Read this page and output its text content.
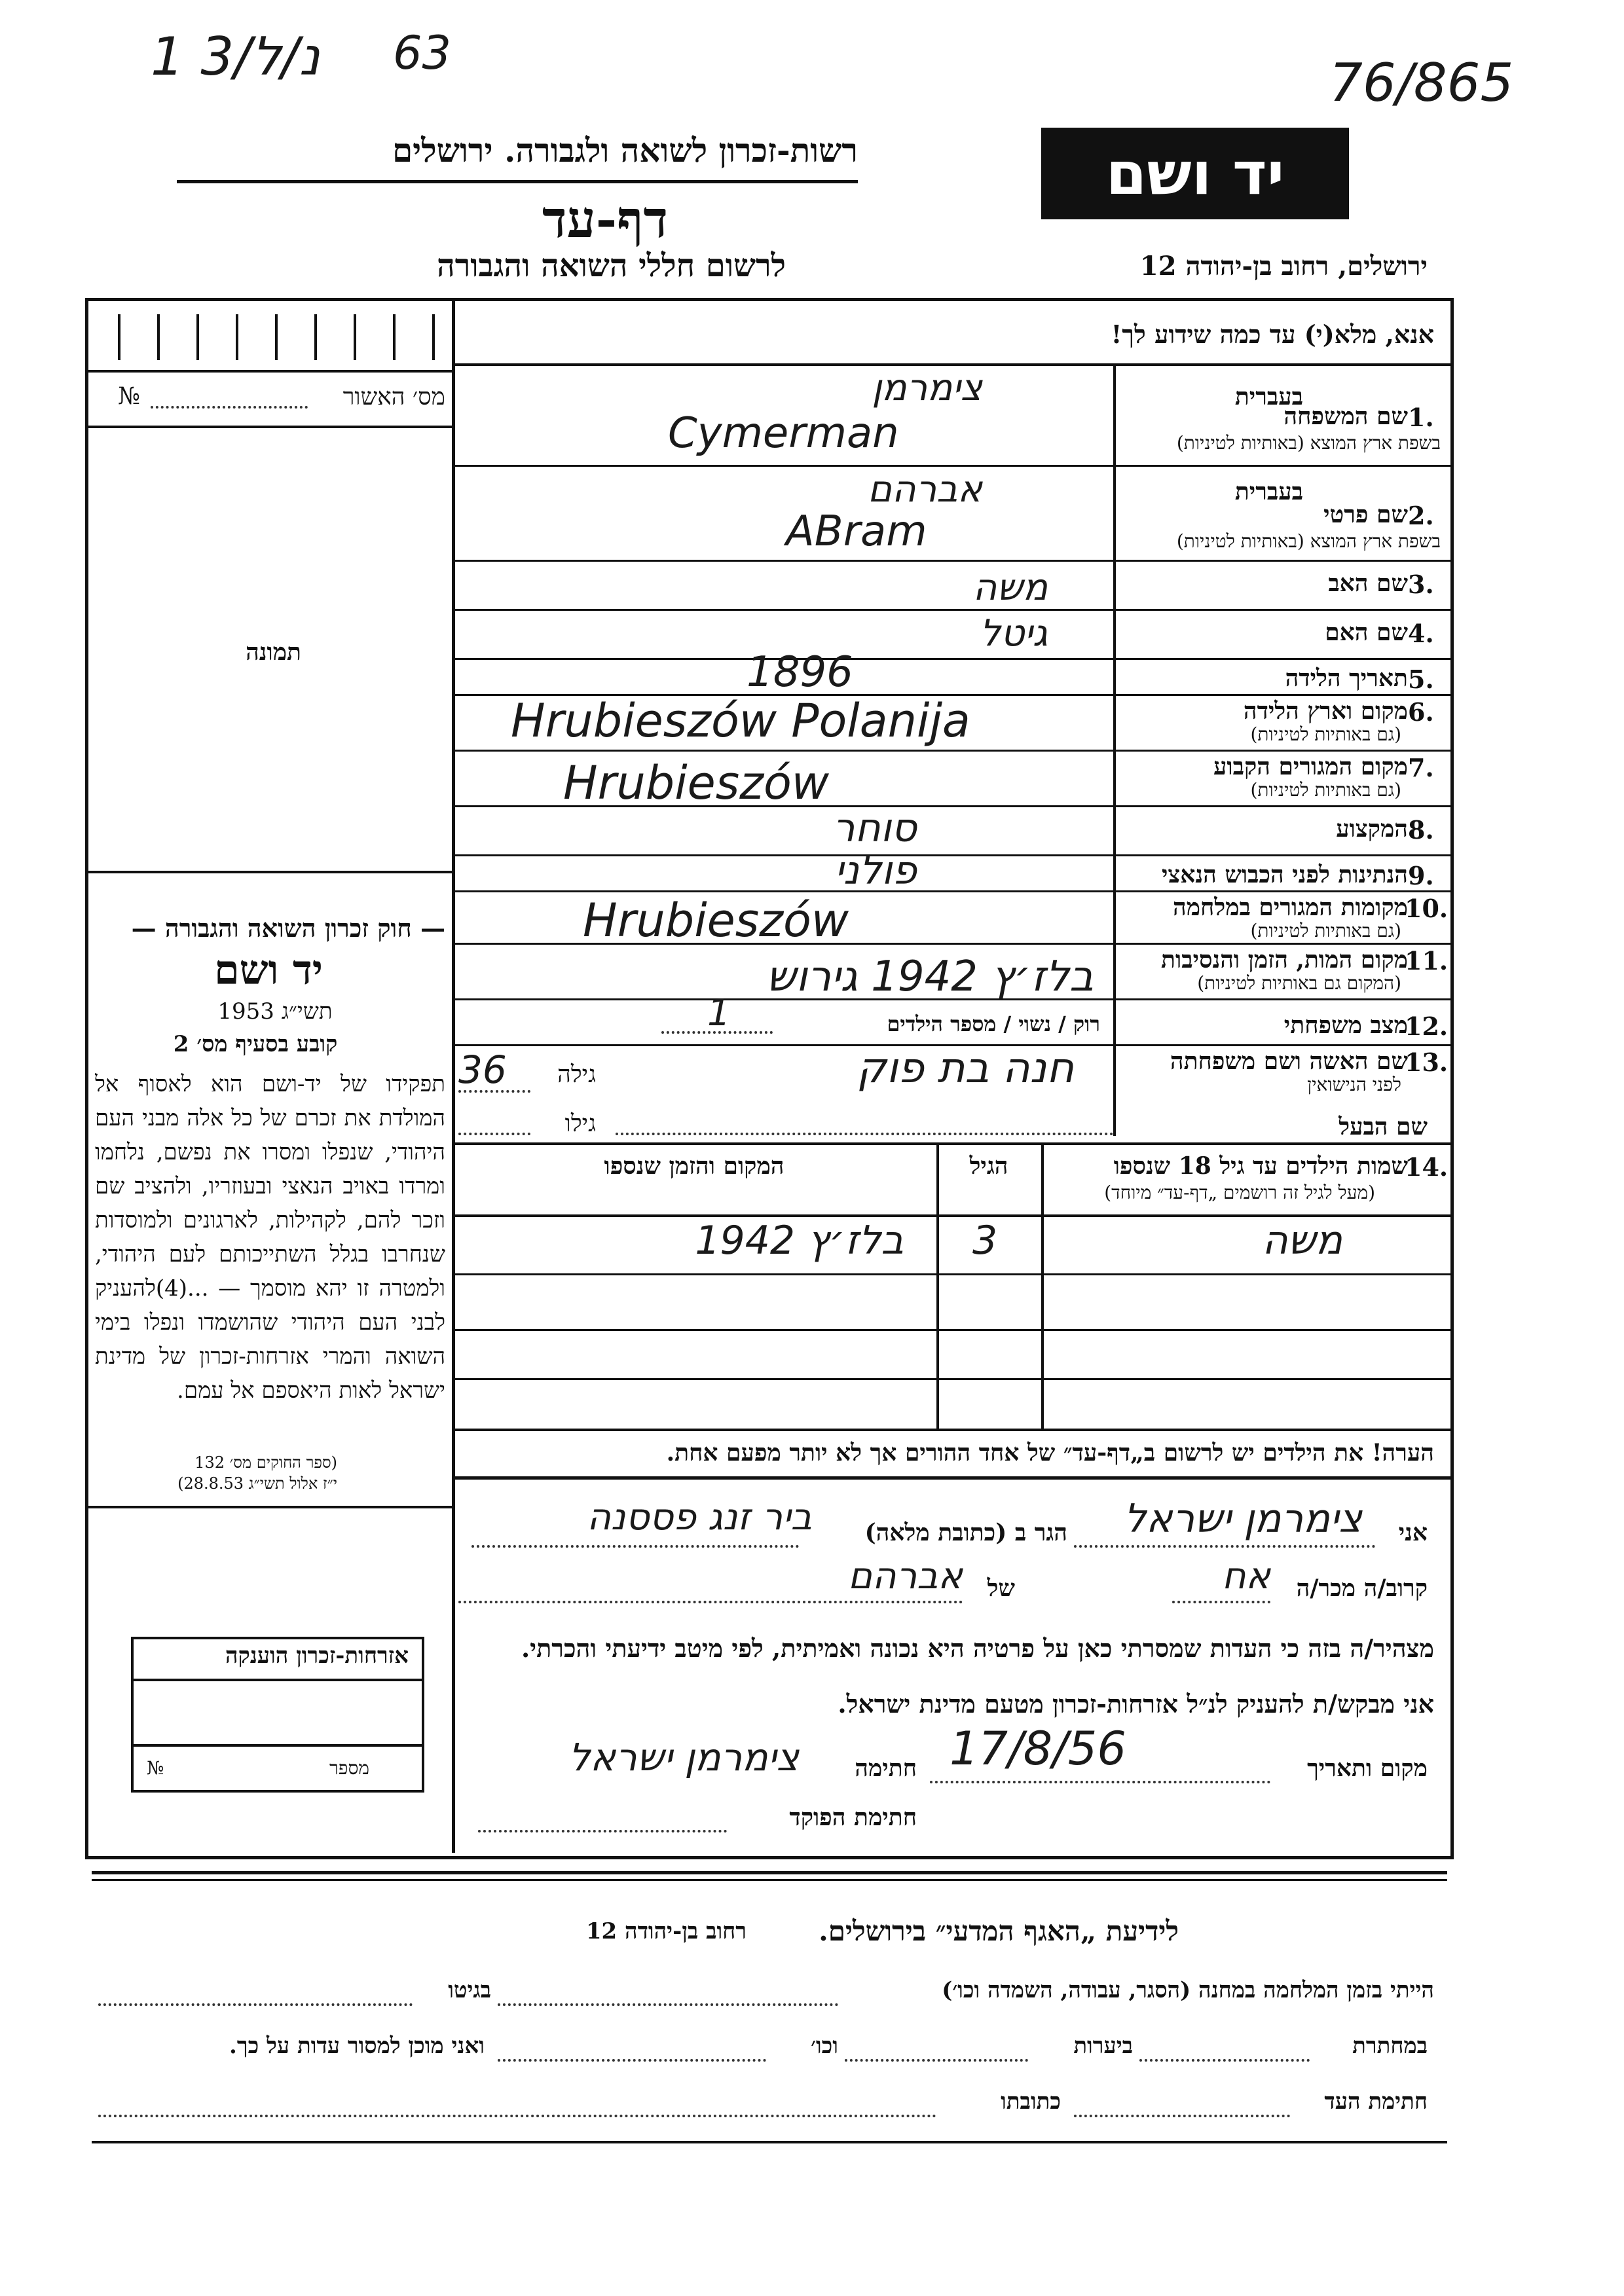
1 נ/ל/3 63	76/865
יד ושם
רשות-זכרון לשואה ולגבורה. ירושלים
דף-עד
לרשום חללי השואה והגבורה	ירושלים, רחוב בן-יהודה 12
מס׳ האשור
№
תמונה
— חוק זכרון השואה והגבורה —
יד ושם
תשי״ג 1953
קובע בסעיף מס׳ 2
תפקידו של יד-ושם הוא לאסוף אל המולדת את זכרם של כל אלה מבני העם היהודי, שנפלו ומסרו את נפשם, נלחמו ומרדו באויב הנאצי ובעוזריו, ולהציב שם וזכר להם, לקהילות, לארגונים ולמוסדות שנחרבו בגלל השתייכותם לעם היהודי, ולמטרה זו יהא מוסמך — ...(4)להעניק לבני העם היהודי שהושמדו ונפלו בימי השואה והמרי אזרחות-זכרון של מדינת ישראל לאות היאספם אל עמם.
(ספר החוקים מס׳ 132
י״ז אלול תשי״ג 28.8.53)
אזרחות-זכרון הוענקה
מספר
№
אנא, מלא(י) עד כמה שידוע לך!
בעברית
שם המשפחה 1.
בשפת ארץ המוצא (באותיות לטיניות)
צימרמן
Cymerman
בעברית
שם פרטי 2.
בשפת ארץ המוצא (באותיות לטיניות)
אברהם
ABram
שם האב 3.
משה
שם האם 4.
גיטל
תאריך הלידה 5.
1896
מקום וארץ הלידה 6.
(גם באותיות לטיניות)
Hrubieszów Polanija
מקום המגורים הקבוע 7.
(גם באותיות לטיניות)
Hrubieszów
המקצוע 8.
סוחר
הנתינות לפני הכבוש הנאצי 9.
פולני
מקומות המגורים במלחמה
10.
(גם באותיות לטיניות)
Hrubieszów
מקום המות, הזמן והנסיבות
11.
(המקום גם באותיות לטיניות)
בלז׳ץ 1942 גירוש
מצב משפחתי
12.
רוק / נשוי / מספר הילדים
1
שם האשה ושם משפחתה
13.
לפני הנישואין
חנה בת פוק
גילה
36
שם הבעל
גילו
שמות הילדים עד גיל 18 שנספו
14.
(מעל לגיל זה רושמים „דף-עד״ מיוחד)
הגיל
המקום והזמן שנספו
משה
3
בלז׳ץ 1942
הערה! את הילדים יש לרשום ב„דף-עד״ של אחד ההורים אך לא יותר מפעם אחת.
אני
צימרמן ישראל
הגר ב (כתובת מלאה)
ביר זנג פססנה
קרוב/ה מכר/ה
אח
של
אברהם
מצהיר/ה בזה כי העדות שמסרתי כאן על פרטיה היא נכונה ואמיתית, לפי מיטב ידיעתי והכרתי.
אני מבקש/ת להעניק לנ״ל אזרחות-זכרון מטעם מדינת ישראל.
מקום ותאריך
17/8/56
חתימה
צימרמן ישראל
חתימת הפוקד
לידיעת „האגף המדעי״ בירושלים.
רחוב בן-יהודה 12
הייתי בזמן המלחמה במחנה (הסגר, עבודה, השמדה וכו׳)
בגיטו
במחתרת
ביערות
וכו׳
ואני מוכן למסור עדות על כך.
חתימת העד
כתובתו
